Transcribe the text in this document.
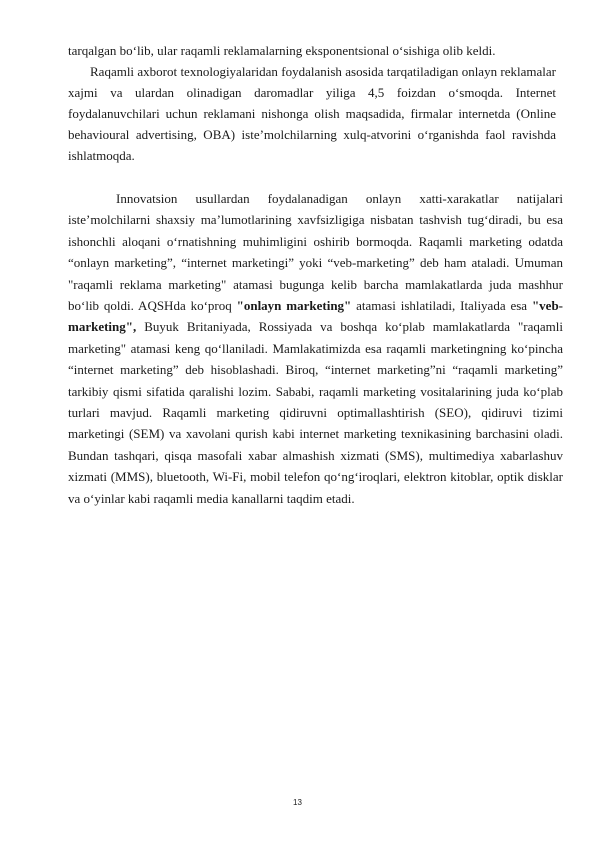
tarqalgan bo‘lib, ular raqamli reklamalarning eksponentsional o‘sishiga olib keldi.

Raqamli axborot texnologiyalaridan foydalanish asosida tarqatiladigan onlayn reklamalar xajmi va ulardan olinadigan daromadlar yiliga 4,5 foizdan o‘smoqda. Internet foydalanuvchilari uchun reklamani nishonga olish maqsadida, firmalar internetda (Online behavioural advertising, OBA) iste’molchilarning xulq-atvorini o‘rganishda faol ravishda ishlatmoqda.

Innovatsion usullardan foydalanadigan onlayn xatti-xarakatlar natijalari iste’molchilarni shaxsiy ma’lumotlarining xavfsizligiga nisbatan tashvish tug‘diradi, bu esa ishonchli aloqani o‘rnatishning muhimligini oshirib bormoqda. Raqamli marketing odatda “onlayn marketing”, “internet marketingi” yoki “veb-marketing” deb ham ataladi. Umuman "raqamli reklama marketing" atamasi bugunga kelib barcha mamlakatlarda juda mashhur bo‘lib qoldi. AQSHda ko‘proq "onlayn marketing" atamasi ishlatiladi, Italiyada esa "veb-marketing", Buyuk Britaniyada, Rossiyada va boshqa ko‘plab mamlakatlarda "raqamli marketing" atamasi keng qo‘llaniladi. Mamlakatimizda esa raqamli marketingning ko‘pincha “internet marketing” deb hisoblashadi. Biroq, “internet marketing”ni “raqamli marketing” tarkibiy qismi sifatida qaralishi lozim. Sababi, raqamli marketing vositalarining juda ko‘plab turlari mavjud. Raqamli marketing qidiruvni optimallashtirish (SEO), qidiruvi tizimi marketingi (SEM) va xavolani qurish kabi internet marketing texnikasining barchasini oladi. Bundan tashqari, qisqa masofali xabar almashish xizmati (SMS), multimediya xabarlashuv xizmati (MMS), bluetooth, Wi-Fi, mobil telefon qo‘ng‘iroqlari, elektron kitoblar, optik disklar va o‘yinlar kabi raqamli media kanallarni taqdim etadi.

13
